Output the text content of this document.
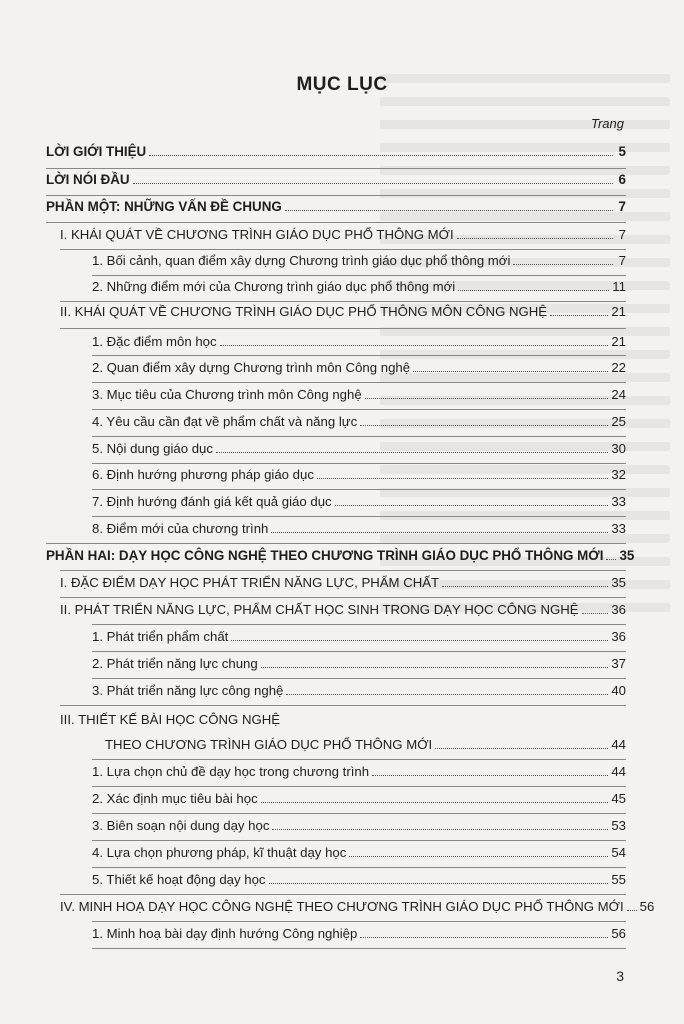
MỤC LỤC
Trang
LỜI GIỚI THIỆU	5
LỜI NÓI ĐẦU	6
PHẦN MỘT: NHỮNG VẤN ĐỀ CHUNG	7
I. KHÁI QUÁT VỀ CHƯƠNG TRÌNH GIÁO DỤC PHỔ THÔNG MỚI	7
1. Bối cảnh, quan điểm xây dựng Chương trình giáo dục phổ thông mới	7
2. Những điểm mới của Chương trình giáo dục phổ thông mới	11
II. KHÁI QUÁT VỀ CHƯƠNG TRÌNH GIÁO DỤC PHỔ THÔNG MÔN CÔNG NGHỆ	21
1. Đặc điểm môn học	21
2. Quan điểm xây dựng Chương trình môn Công nghệ	22
3. Mục tiêu của Chương trình môn Công nghệ	24
4. Yêu cầu cần đạt về phẩm chất và năng lực	25
5. Nội dung giáo dục	30
6. Định hướng phương pháp giáo dục	32
7. Định hướng đánh giá kết quả giáo dục	33
8. Điểm mới của chương trình	33
PHẦN HAI: DẠY HỌC CÔNG NGHỆ THEO CHƯƠNG TRÌNH GIÁO DỤC PHỔ THÔNG MỚI 35
I. ĐẶC ĐIỂM DẠY HỌC PHÁT TRIỂN NĂNG LỰC, PHẨM CHẤT	35
II. PHÁT TRIỂN NĂNG LỰC, PHẨM CHẤT HỌC SINH TRONG DẠY HỌC CÔNG NGHỆ 36
1. Phát triển phẩm chất	36
2. Phát triển năng lực chung	37
3. Phát triển năng lực công nghệ	40
III. THIẾT KẾ BÀI HỌC CÔNG NGHỆ
THEO CHƯƠNG TRÌNH GIÁO DỤC PHỔ THÔNG MỚI	44
1. Lựa chọn chủ đề dạy học trong chương trình	44
2. Xác định mục tiêu bài học	45
3. Biên soạn nội dung dạy học	53
4. Lựa chọn phương pháp, kĩ thuật dạy học	54
5. Thiết kế hoạt động dạy học	55
IV. MINH HOẠ DẠY HỌC CÔNG NGHỆ THEO CHƯƠNG TRÌNH GIÁO DỤC PHỔ THÔNG MỚI 56
1. Minh hoạ bài dạy định hướng Công nghiệp	56
3
